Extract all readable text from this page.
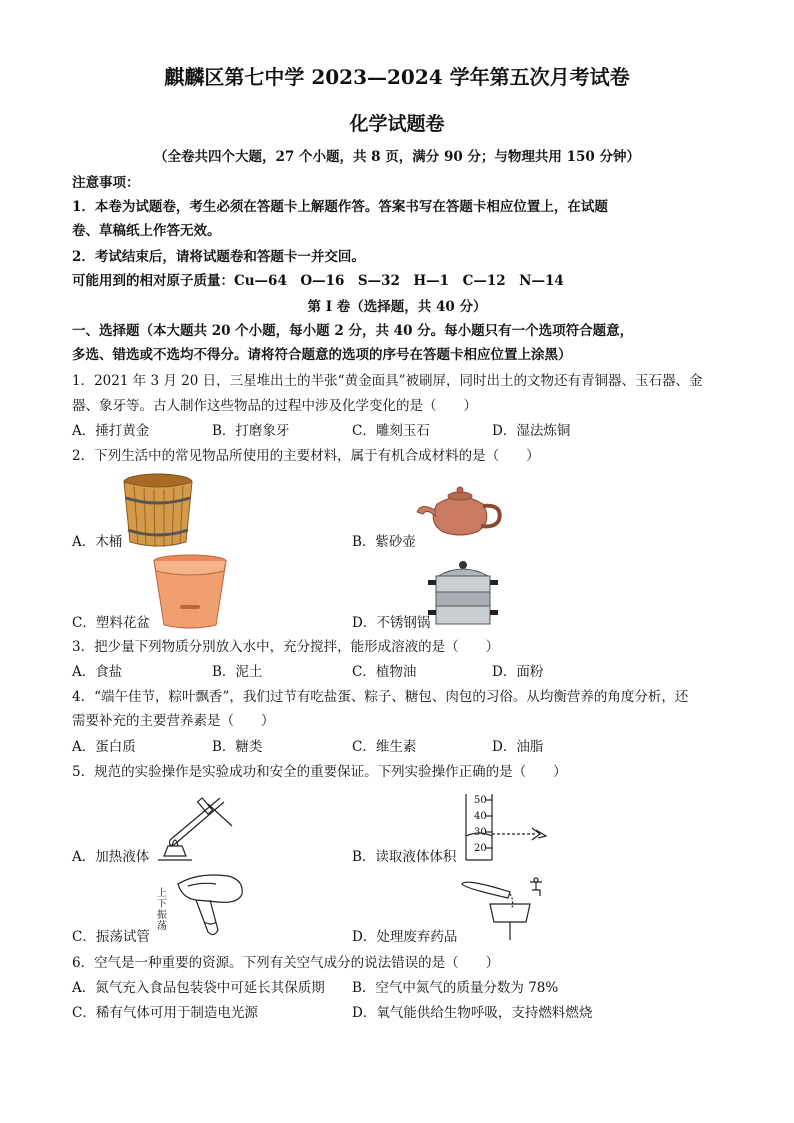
麒麟区第七中学 2023—2024 学年第五次月考试卷
化学试题卷
（全卷共四个大题，27 个小题，共 8 页，满分 90 分；与物理共用 150 分钟）
注意事项：
1．本卷为试题卷，考生必须在答题卡上解题作答。答案书写在答题卡相应位置上，在试题
卷、草稿纸上作答无效。
2．考试结束后，请将试题卷和答题卡一并交回。
可能用到的相对原子质量：Cu—64　O—16　S—32　H—1　C—12　N—14
第 I 卷（选择题，共 40 分）
一、选择题（本大题共 20 个小题，每小题 2 分，共 40 分。每小题只有一个选项符合题意，
多选、错选或不选均不得分。请将符合题意的选项的序号在答题卡相应位置上涂黑）
1．2021 年 3 月 20 日，三星堆出土的半张“黄金面具”被刷屏，同时出土的文物还有青铜器、玉石器、金
器、象牙等。古人制作这些物品的过程中涉及化学变化的是（　　）
A．捶打黄金	B．打磨象牙	C．雕刻玉石	D．湿法炼铜
2．下列生活中的常见物品所使用的主要材料，属于有机合成材料的是（　　）
A．木桶	B．紫砂壶
C．塑料花盆	D．不锈钢锅
3．把少量下列物质分别放入水中，充分搅拌，能形成溶液的是（　　）
A．食盐	B．泥土	C．植物油	D．面粉
4．“端午佳节，粽叶飘香”，我们过节有吃盐蛋、粽子、糖包、肉包的习俗。从均衡营养的角度分析，还
需要补充的主要营养素是（　　）
A．蛋白质	B．糖类	C．维生素	D．油脂
5．规范的实验操作是实验成功和安全的重要保证。下列实验操作正确的是（　　）
A．加热液体
50
40
30
20
B．读取液体体积
上
下
振
荡
C．振荡试管	D．处理废弃药品
6．空气是一种重要的资源。下列有关空气成分的说法错误的是（　　）
A．氮气充入食品包装袋中可延长其保质期 B．空气中氮气的质量分数为 78%
C．稀有气体可用于制造电光源	D．氧气能供给生物呼吸，支持燃料燃烧
